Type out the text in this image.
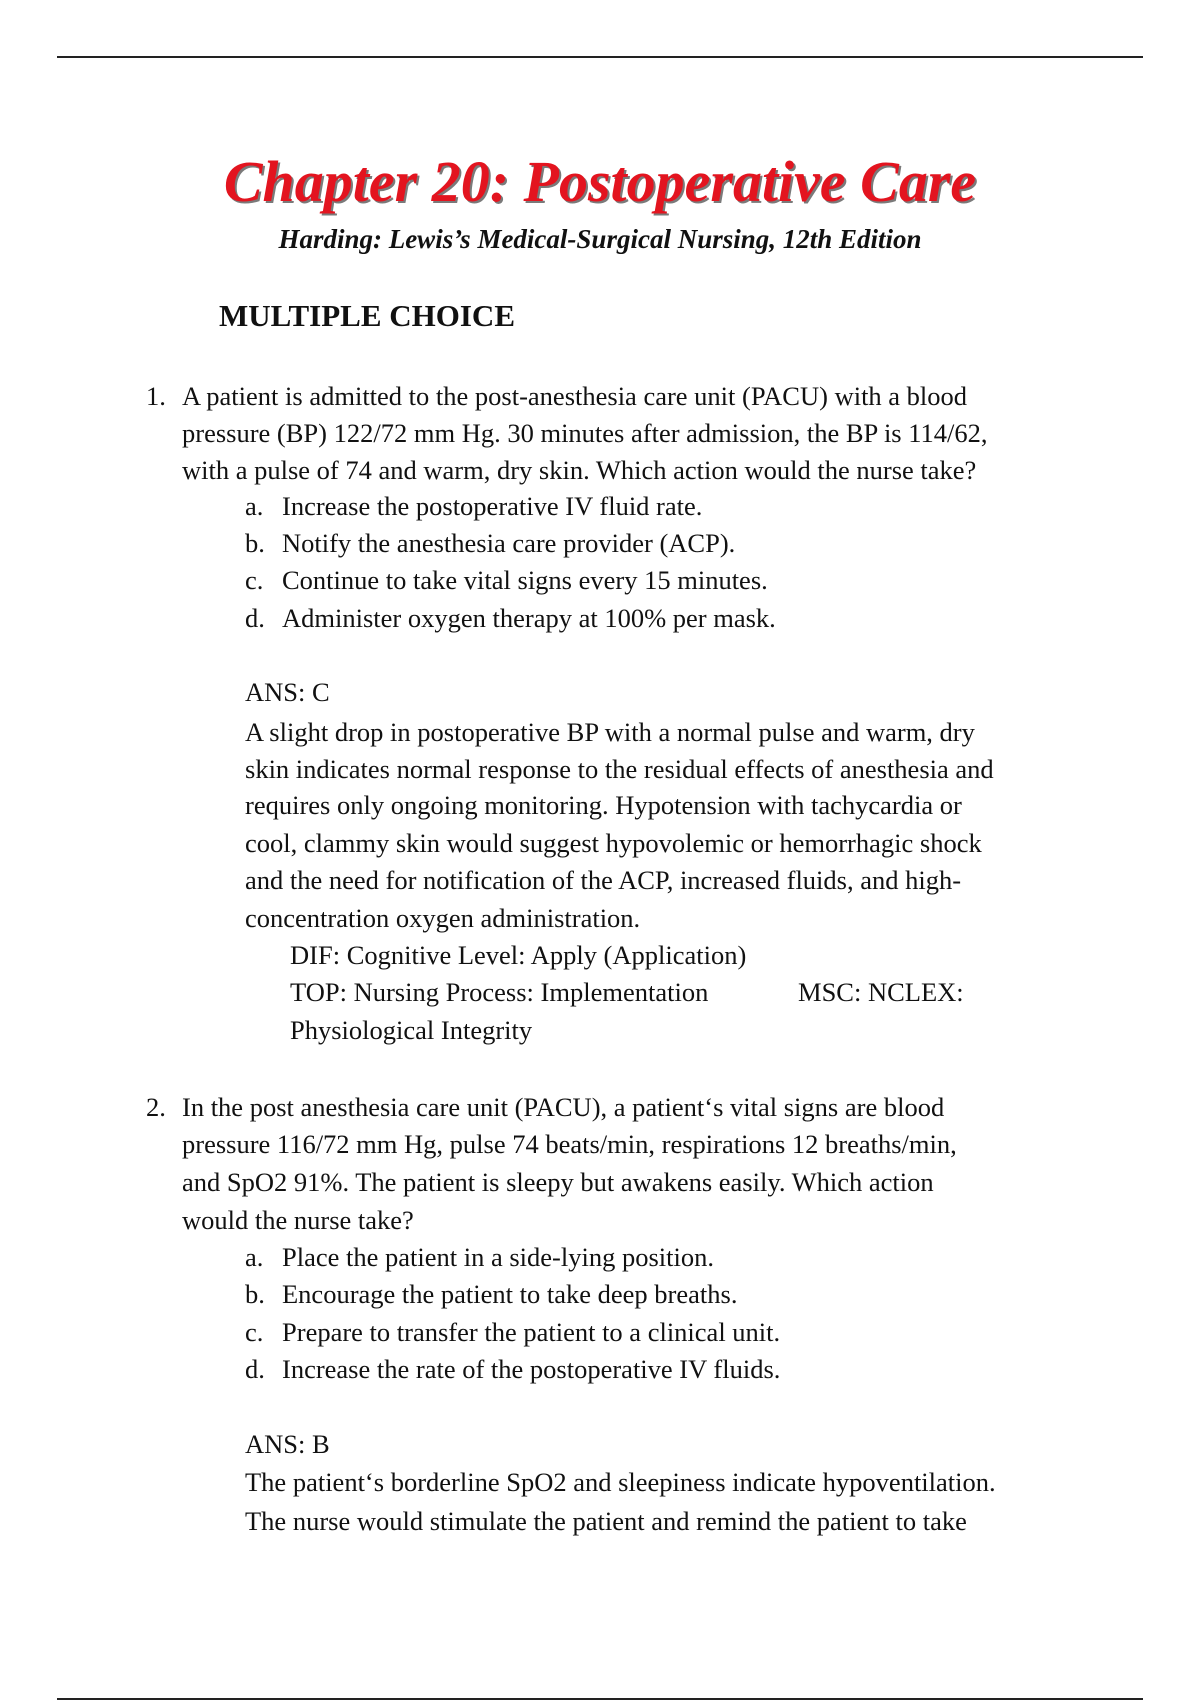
Chapter 20: Postoperative Care
Harding: Lewis’s Medical-Surgical Nursing, 12th Edition
MULTIPLE CHOICE
1. A patient is admitted to the post-anesthesia care unit (PACU) with a blood
pressure (BP) 122/72 mm Hg. 30 minutes after admission, the BP is 114/62,
with a pulse of 74 and warm, dry skin. Which action would the nurse take?
a. Increase the postoperative IV fluid rate.
b. Notify the anesthesia care provider (ACP).
c. Continue to take vital signs every 15 minutes.
d. Administer oxygen therapy at 100% per mask.
ANS: C
A slight drop in postoperative BP with a normal pulse and warm, dry
skin indicates normal response to the residual effects of anesthesia and
requires only ongoing monitoring. Hypotension with tachycardia or
cool, clammy skin would suggest hypovolemic or hemorrhagic shock
and the need for notification of the ACP, increased fluids, and high-
concentration oxygen administration.
DIF: Cognitive Level: Apply (Application)
TOP: Nursing Process: Implementation	MSC: NCLEX:
Physiological Integrity
2. In the post anesthesia care unit (PACU), a patient‘s vital signs are blood
pressure 116/72 mm Hg, pulse 74 beats/min, respirations 12 breaths/min,
and SpO2 91%. The patient is sleepy but awakens easily. Which action
would the nurse take?
a. Place the patient in a side-lying position.
b. Encourage the patient to take deep breaths.
c. Prepare to transfer the patient to a clinical unit.
d. Increase the rate of the postoperative IV fluids.
ANS: B
The patient‘s borderline SpO2 and sleepiness indicate hypoventilation.
The nurse would stimulate the patient and remind the patient to take
